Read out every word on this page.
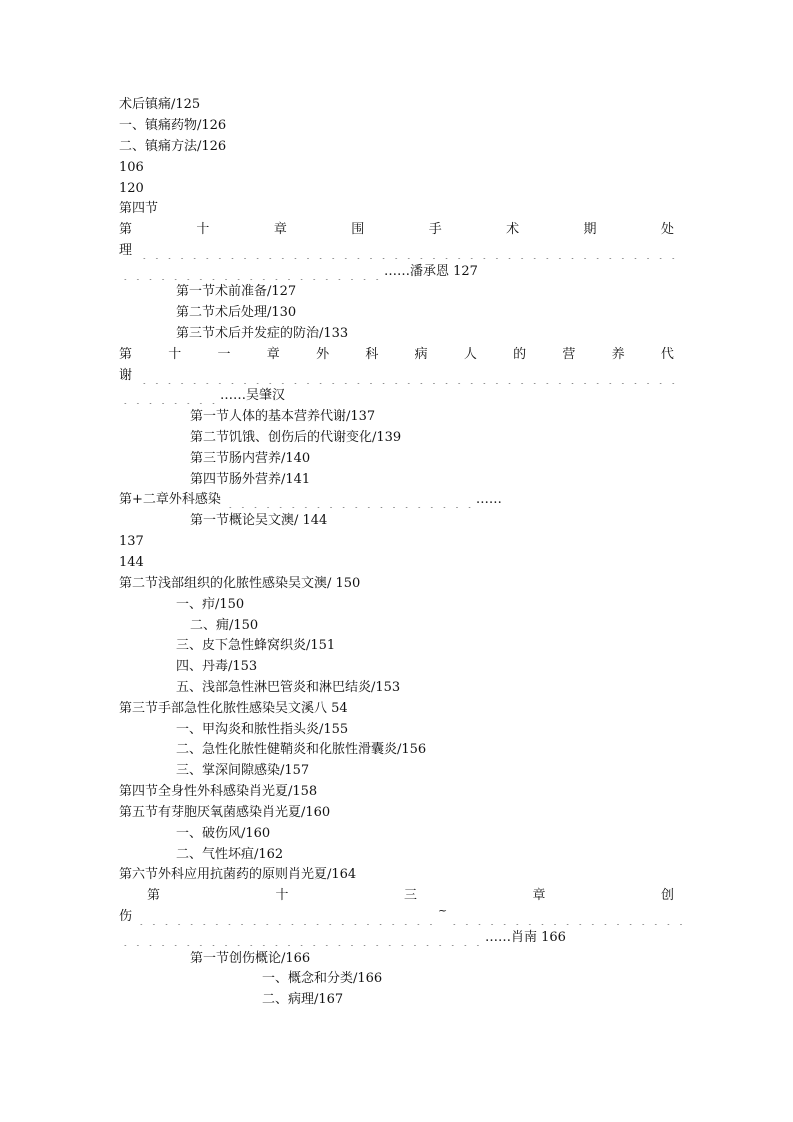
术后镇痛/125
一、镇痛药物/126
二、镇痛方法/126
106
120
第四节
第	十	章	围	手	术	期	处
理
……潘承恩 127
第一节术前准备/127
第二节术后处理/130
第三节术后并发症的防治/133
第	十	一	章	外	科	病	人	的	营	养	代
谢
……吴肇汉
第一节人体的基本营养代谢/137
第二节饥饿、创伤后的代谢变化/139
第三节肠内营养/140
第四节肠外营养/141
第+二章外科感染	……
第一节概论吴文澳/ 144
137
144
第二节浅部组织的化脓性感染吴文澳/ 150
一、疖/150
二、痈/150
三、皮下急性蜂窝织炎/151
四、丹毒/153
五、浅部急性淋巴管炎和淋巴结炎/153
第三节手部急性化脓性感染吴文溪八 54
一、甲沟炎和脓性指头炎/155
二、急性化脓性健鞘炎和化脓性滑囊炎/156
三、掌深间隙感染/157
第四节全身性外科感染肖光夏/158
第五节有芽胞厌氧菌感染肖光夏/160
一、破伤风/160
二、气性坏疽/162
第六节外科应用抗菌药的原则肖光夏/164
第	十	三	章	创
伤	~
……肖南 166
第一节创伤概论/166
一、概念和分类/166
二、病理/167
